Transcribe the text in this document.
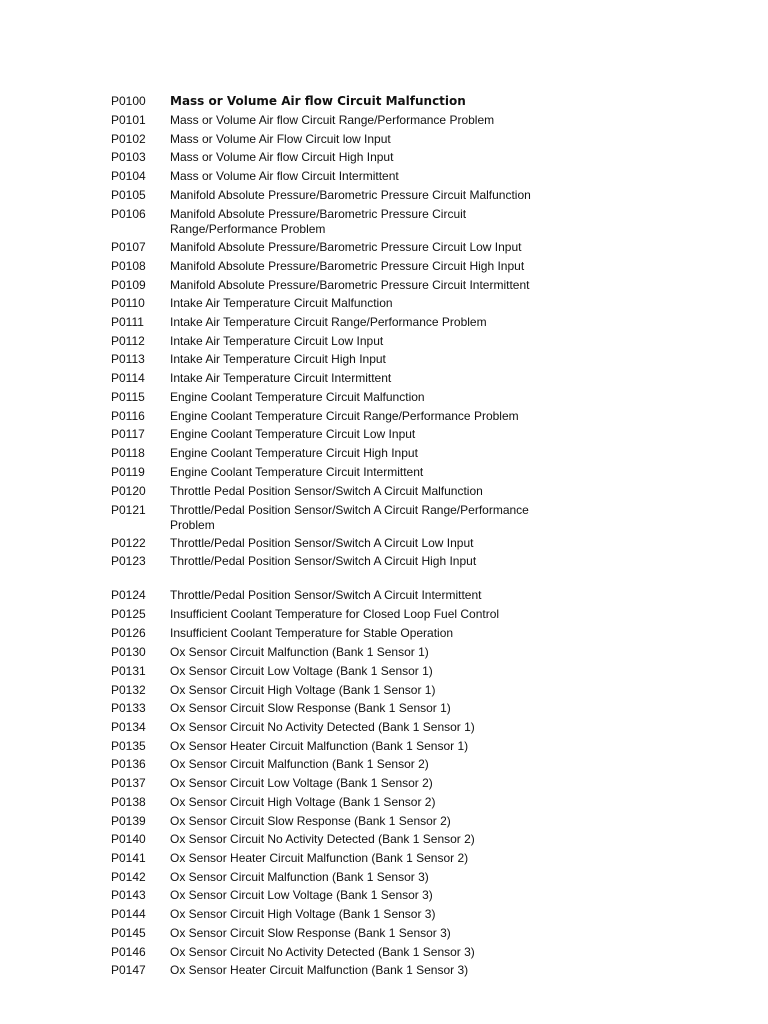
P0100 Mass or Volume Air flow Circuit Malfunction
P0101 Mass or Volume Air flow Circuit Range/Performance Problem
P0102 Mass or Volume Air Flow Circuit low Input
P0103 Mass or Volume Air flow Circuit High Input
P0104 Mass or Volume Air flow Circuit Intermittent
P0105 Manifold Absolute Pressure/Barometric Pressure Circuit Malfunction
P0106 Manifold Absolute Pressure/Barometric Pressure Circuit Range/Performance Problem
P0107 Manifold Absolute Pressure/Barometric Pressure Circuit Low Input
P0108 Manifold Absolute Pressure/Barometric Pressure Circuit High Input
P0109 Manifold Absolute Pressure/Barometric Pressure Circuit Intermittent
P0110 Intake Air Temperature Circuit Malfunction
P0111 Intake Air Temperature Circuit Range/Performance Problem
P0112 Intake Air Temperature Circuit Low Input
P0113 Intake Air Temperature Circuit High Input
P0114 Intake Air Temperature Circuit Intermittent
P0115 Engine Coolant Temperature Circuit Malfunction
P0116 Engine Coolant Temperature Circuit Range/Performance Problem
P0117 Engine Coolant Temperature Circuit Low Input
P0118 Engine Coolant Temperature Circuit High Input
P0119 Engine Coolant Temperature Circuit Intermittent
P0120 Throttle Pedal Position Sensor/Switch A Circuit Malfunction
P0121 Throttle/Pedal Position Sensor/Switch A Circuit Range/Performance Problem
P0122 Throttle/Pedal Position Sensor/Switch A Circuit Low Input
P0123 Throttle/Pedal Position Sensor/Switch A Circuit High Input
P0124 Throttle/Pedal Position Sensor/Switch A Circuit Intermittent
P0125 Insufficient Coolant Temperature for Closed Loop Fuel Control
P0126 Insufficient Coolant Temperature for Stable Operation
P0130 Ox Sensor Circuit Malfunction (Bank 1 Sensor 1)
P0131 Ox Sensor Circuit Low Voltage (Bank 1 Sensor 1)
P0132 Ox Sensor Circuit High Voltage (Bank 1 Sensor 1)
P0133 Ox Sensor Circuit Slow Response (Bank 1 Sensor 1)
P0134 Ox Sensor Circuit No Activity Detected (Bank 1 Sensor 1)
P0135 Ox Sensor Heater Circuit Malfunction (Bank 1 Sensor 1)
P0136 Ox Sensor Circuit Malfunction (Bank 1 Sensor 2)
P0137 Ox Sensor Circuit Low Voltage (Bank 1 Sensor 2)
P0138 Ox Sensor Circuit High Voltage (Bank 1 Sensor 2)
P0139 Ox Sensor Circuit Slow Response (Bank 1 Sensor 2)
P0140 Ox Sensor Circuit No Activity Detected (Bank 1 Sensor 2)
P0141 Ox Sensor Heater Circuit Malfunction (Bank 1 Sensor 2)
P0142 Ox Sensor Circuit Malfunction (Bank 1 Sensor 3)
P0143 Ox Sensor Circuit Low Voltage (Bank 1 Sensor 3)
P0144 Ox Sensor Circuit High Voltage (Bank 1 Sensor 3)
P0145 Ox Sensor Circuit Slow Response (Bank 1 Sensor 3)
P0146 Ox Sensor Circuit No Activity Detected (Bank 1 Sensor 3)
P0147 Ox Sensor Heater Circuit Malfunction (Bank 1 Sensor 3)
